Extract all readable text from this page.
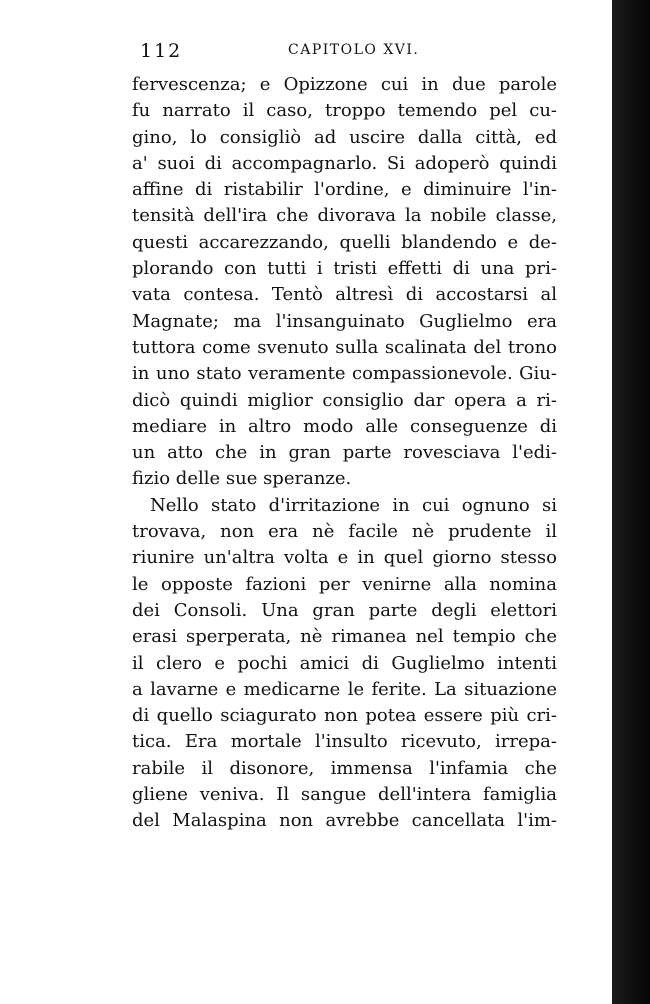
112	CAPITOLO XVI.
fervescenza; e Opizzone cui in due parole
fu narrato il caso, troppo temendo pel cu-
gino, lo consigliò ad uscire dalla città, ed
a' suoi di accompagnarlo. Si adoperò quindi
affine di ristabilir l'ordine, e diminuire l'in-
tensità dell'ira che divorava la nobile classe,
questi accarezzando, quelli blandendo e de-
plorando con tutti i tristi effetti di una pri-
vata contesa. Tentò altresì di accostarsi al
Magnate; ma l'insanguinato Guglielmo era
tuttora come svenuto sulla scalinata del trono
in uno stato veramente compassionevole. Giu-
dicò quindi miglior consiglio dar opera a ri-
mediare in altro modo alle conseguenze di
un atto che in gran parte rovesciava l'edi-
fizio delle sue speranze.
Nello stato d'irritazione in cui ognuno si
trovava, non era nè facile nè prudente il
riunire un'altra volta e in quel giorno stesso
le opposte fazioni per venirne alla nomina
dei Consoli. Una gran parte degli elettori
erasi sperperata, nè rimanea nel tempio che
il clero e pochi amici di Guglielmo intenti
a lavarne e medicarne le ferite. La situazione
di quello sciagurato non potea essere più cri-
tica. Era mortale l'insulto ricevuto, irrepa-
rabile il disonore, immensa l'infamia che
gliene veniva. Il sangue dell'intera famiglia
del Malaspina non avrebbe cancellata l'im-
